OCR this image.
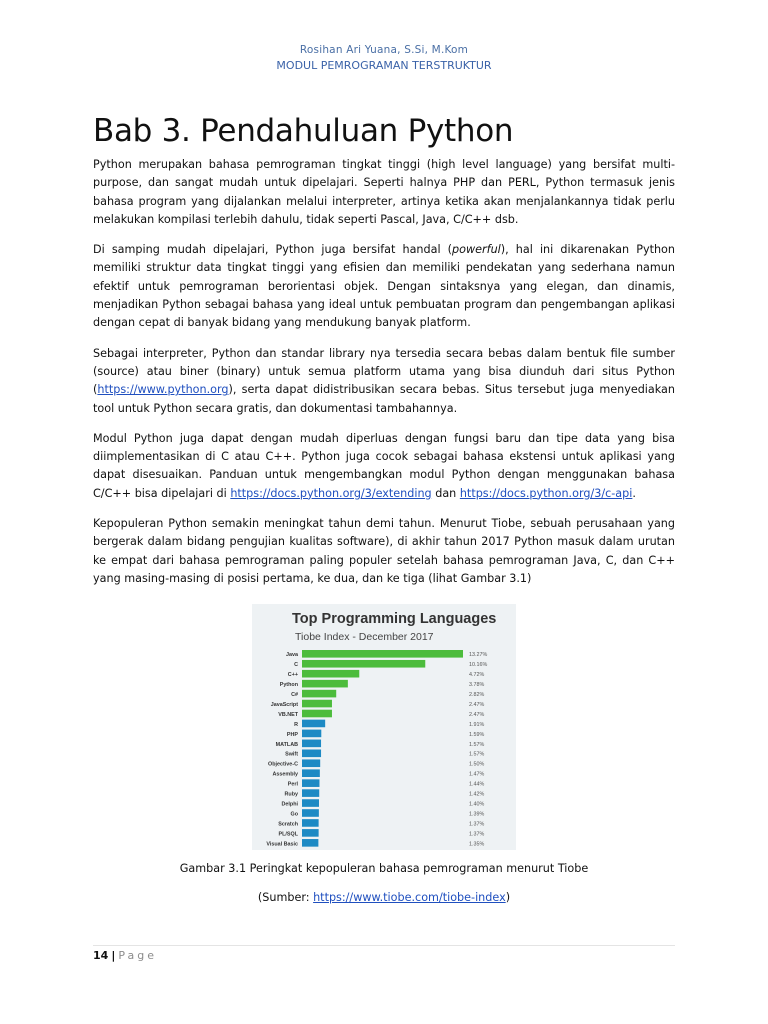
Rosihan Ari Yuana, S.Si, M.Kom
MODUL PEMROGRAMAN TERSTRUKTUR
Bab 3. Pendahuluan Python

Python merupakan bahasa pemrograman tingkat tinggi (high level language) yang bersifat multi-purpose, dan sangat mudah untuk dipelajari. Seperti halnya PHP dan PERL, Python termasuk jenis bahasa program yang dijalankan melalui interpreter, artinya ketika akan menjalankannya tidak perlu melakukan kompilasi terlebih dahulu, tidak seperti Pascal, Java, C/C++ dsb.

Di samping mudah dipelajari, Python juga bersifat handal (powerful), hal ini dikarenakan Python memiliki struktur data tingkat tinggi yang efisien dan memiliki pendekatan yang sederhana namun efektif untuk pemrograman berorientasi objek. Dengan sintaksnya yang elegan, dan dinamis, menjadikan Python sebagai bahasa yang ideal untuk pembuatan program dan pengembangan aplikasi dengan cepat di banyak bidang yang mendukung banyak platform.

Sebagai interpreter, Python dan standar library nya tersedia secara bebas dalam bentuk file sumber (source) atau biner (binary) untuk semua platform utama yang bisa diunduh dari situs Python (https://www.python.org), serta dapat didistribusikan secara bebas. Situs tersebut juga menyediakan tool untuk Python secara gratis, dan dokumentasi tambahannya.

Modul Python juga dapat dengan mudah diperluas dengan fungsi baru dan tipe data yang bisa diimplementasikan di C atau C++. Python juga cocok sebagai bahasa ekstensi untuk aplikasi yang dapat disesuaikan. Panduan untuk mengembangkan modul Python dengan menggunakan bahasa C/C++ bisa dipelajari di https://docs.python.org/3/extending dan https://docs.python.org/3/c-api.

Kepopuleran Python semakin meningkat tahun demi tahun. Menurut Tiobe, sebuah perusahaan yang bergerak dalam bidang pengujian kualitas software), di akhir tahun 2017 Python masuk dalam urutan ke empat dari bahasa pemrograman paling populer setelah bahasa pemrograman Java, C, dan C++ yang masing-masing di posisi pertama, ke dua, dan ke tiga (lihat Gambar 3.1)

Top Programming Languages
Tiobe Index - December 2017
Java	13.27%
C	10.16%
C++	4.72%
Python	3.78%
C#	2.82%
JavaScript	2.47%
VB.NET	2.47%
R	1.91%
PHP	1.59%
MATLAB	1.57%
Swift	1.57%
Objective-C	1.50%
Assembly	1.47%
Perl	1.44%
Ruby	1.42%
Delphi	1.40%
Go	1.39%
Scratch	1.37%
PL/SQL	1.37%
Visual Basic	1.35%
Gambar 3.1 Peringkat kepopuleran bahasa pemrograman menurut Tiobe
(Sumber: https://www.tiobe.com/tiobe-index)
14 | Page
